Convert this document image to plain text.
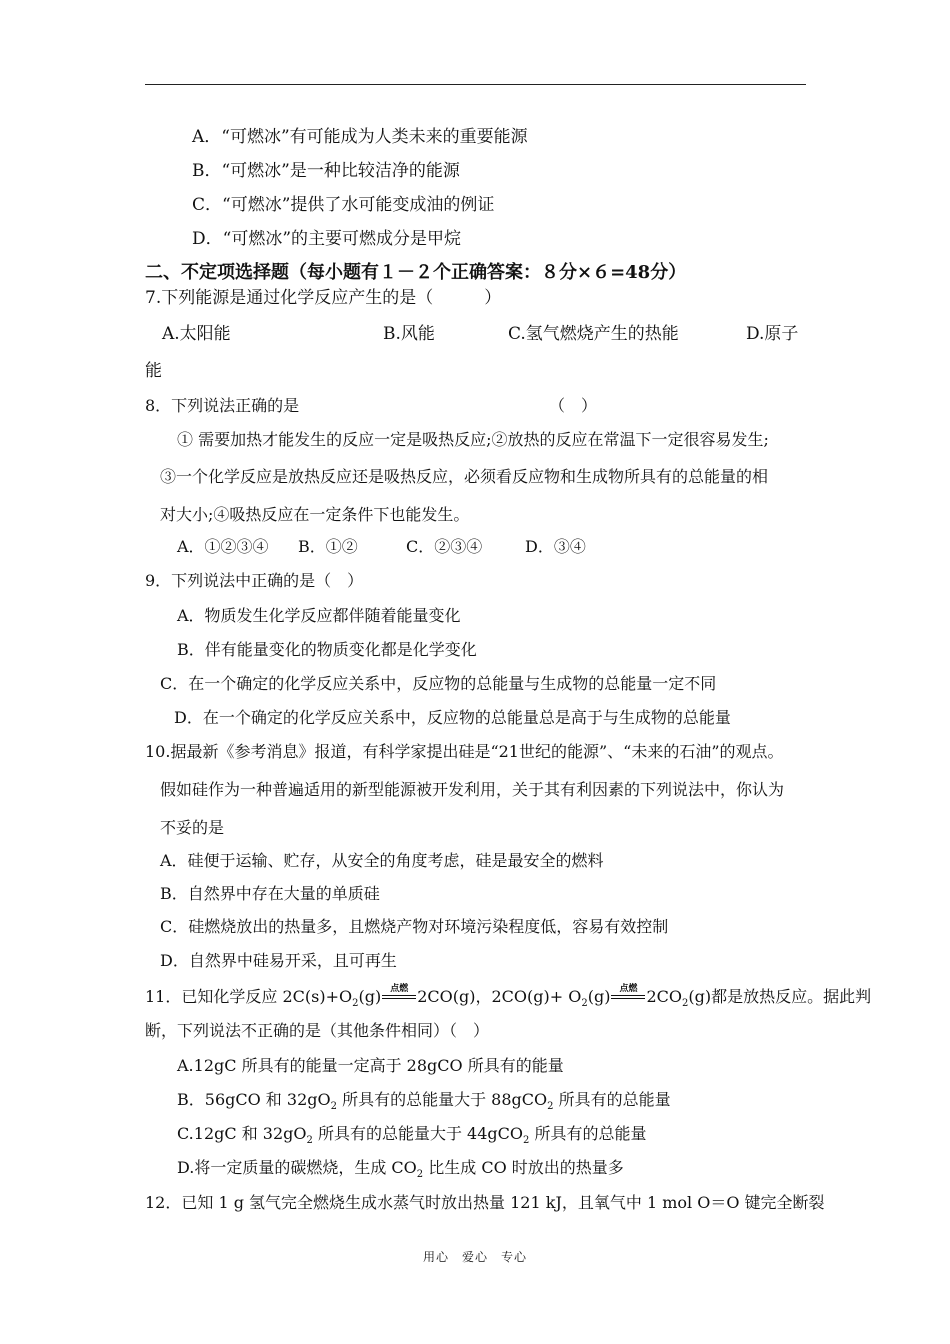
A．“可燃冰”有可能成为人类未来的重要能源
B．“可燃冰”是一种比较洁净的能源
C．“可燃冰”提供了水可能变成油的例证
D．“可燃冰”的主要可燃成分是甲烷
二、不定项选择题（每小题有１－２个正确答案：８分×６=48分）
7.下列能源是通过化学反应产生的是（　　　）
A.太阳能	B.风能	C.氢气燃烧产生的热能	D.原子
能
8．下列说法正确的是	（　）
① 需要加热才能发生的反应一定是吸热反应;②放热的反应在常温下一定很容易发生;
③一个化学反应是放热反应还是吸热反应，必须看反应物和生成物所具有的总能量的相
对大小;④吸热反应在一定条件下也能发生。
A．①②③④ B．①②	C．②③④	D．③④
9．下列说法中正确的是（　）
A．物质发生化学反应都伴随着能量变化
B．伴有能量变化的物质变化都是化学变化
C．在一个确定的化学反应关系中，反应物的总能量与生成物的总能量一定不同
D．在一个确定的化学反应关系中，反应物的总能量总是高于与生成物的总能量
10.据最新《参考消息》报道，有科学家提出硅是“21世纪的能源”、“未来的石油”的观点。
假如硅作为一种普遍适用的新型能源被开发利用，关于其有利因素的下列说法中，你认为
不妥的是
A．硅便于运输、贮存，从安全的角度考虑，硅是最安全的燃料
B．自然界中存在大量的单质硅
C．硅燃烧放出的热量多，且燃烧产物对环境污染程度低，容易有效控制
D．自然界中硅易开采，且可再生
11．已知化学反应 $2C(s)+O_2(g)$ 点燃 2CO(g)，$2CO(g)+ O_2(g)$ 点燃 $2CO_2(g)$都是放热反应。据此判
断，下列说法不正确的是（其他条件相同）（　）
A.12gC 所具有的能量一定高于 28gCO 所具有的能量
B．56gCO 和 $32gO_2$ 所具有的总能量大于 88gCO$_2$ 所具有的总能量
C.12gC 和 $32gO_2$ 所具有的总能量大于 44gCO$_2$ 所具有的总能量
D.将一定质量的碳燃烧，生成 $CO_2$ 比生成 CO 时放出的热量多
12．已知 1 g 氢气完全燃烧生成水蒸气时放出热量 121 kJ，且氧气中 1 mol O＝O 键完全断裂
用心　爱心　专心
